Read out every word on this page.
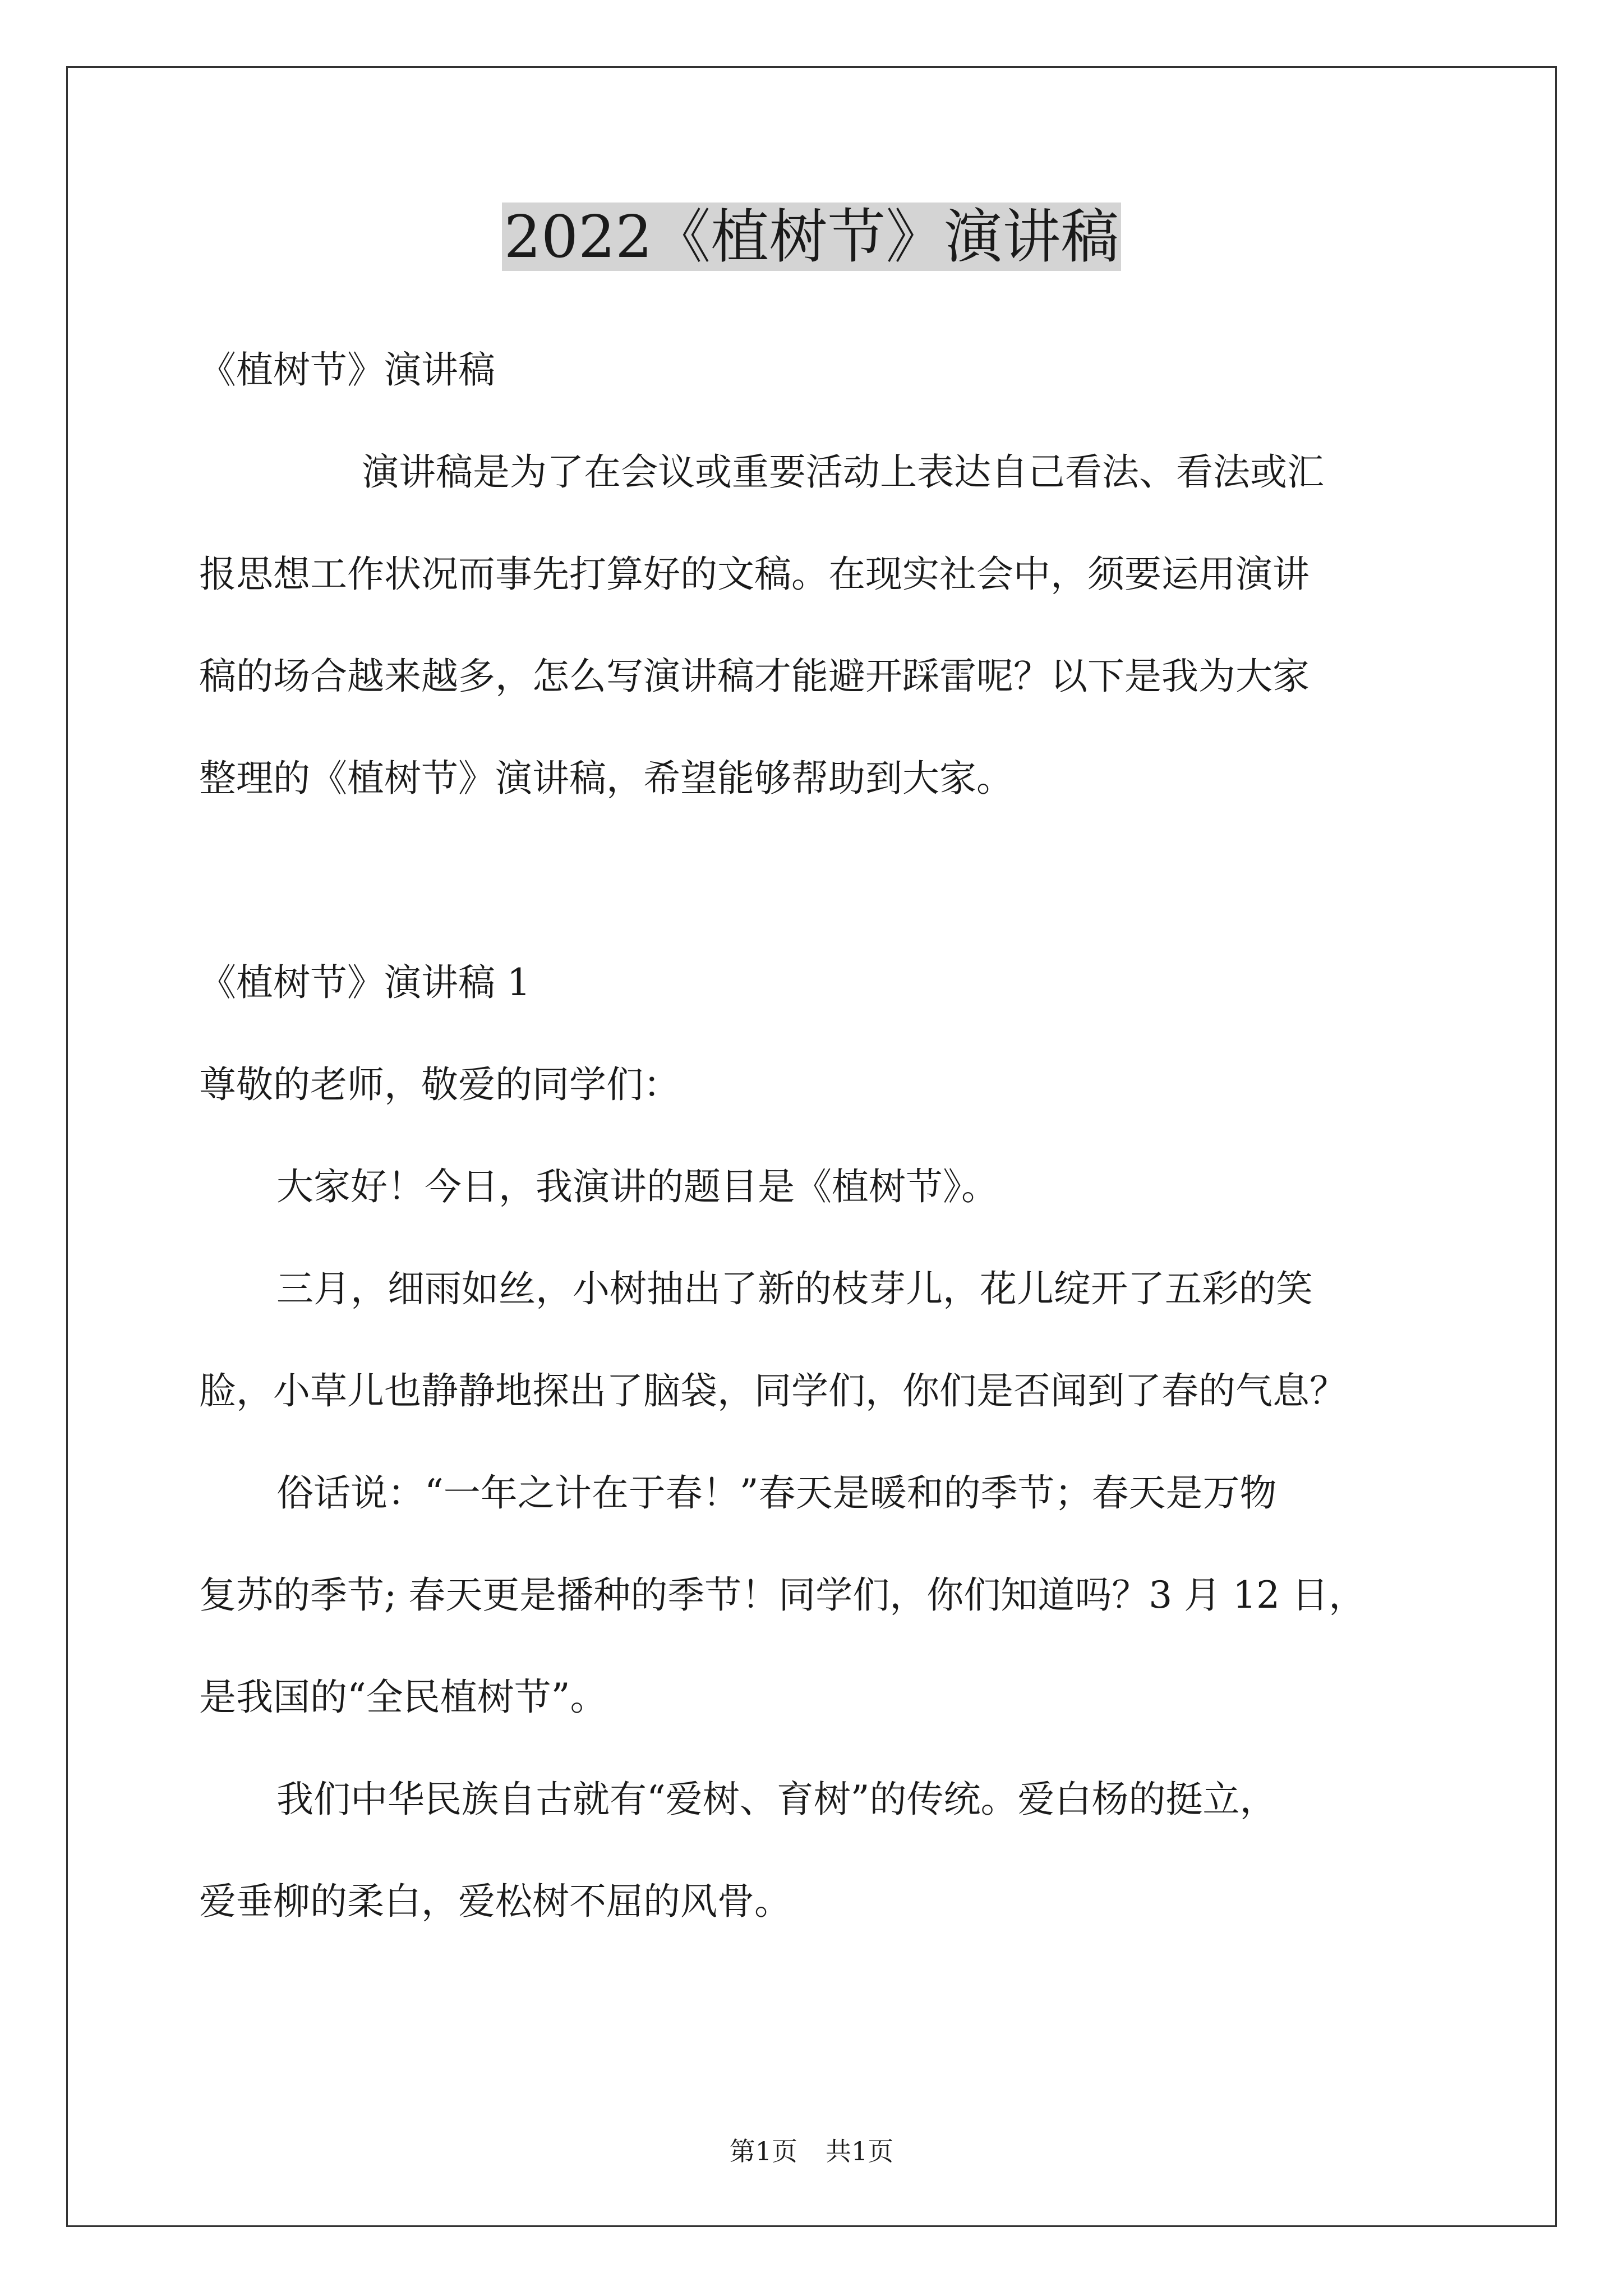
2022《植树节》演讲稿
《植树节》演讲稿
演讲稿是为了在会议或重要活动上表达自己看法、看法或汇
报思想工作状况而事先打算好的文稿。在现实社会中，须要运用演讲
稿的场合越来越多，怎么写演讲稿才能避开踩雷呢？以下是我为大家
整理的《植树节》演讲稿，希望能够帮助到大家。
《植树节》演讲稿 1
尊敬的老师，敬爱的同学们：
大家好！今日，我演讲的题目是《植树节》。
三月，细雨如丝，小树抽出了新的枝芽儿，花儿绽开了五彩的笑
脸，小草儿也静静地探出了脑袋，同学们，你们是否闻到了春的气息？
俗话说：“一年之计在于春！”春天是暖和的季节；春天是万物
复苏的季节; 春天更是播种的季节！同学们，你们知道吗？3 月 12 日，
是我国的“全民植树节”。
我们中华民族自古就有“爱树、育树”的传统。爱白杨的挺立，
爱垂柳的柔白，爱松树不屈的风骨。
第1页 共1页
